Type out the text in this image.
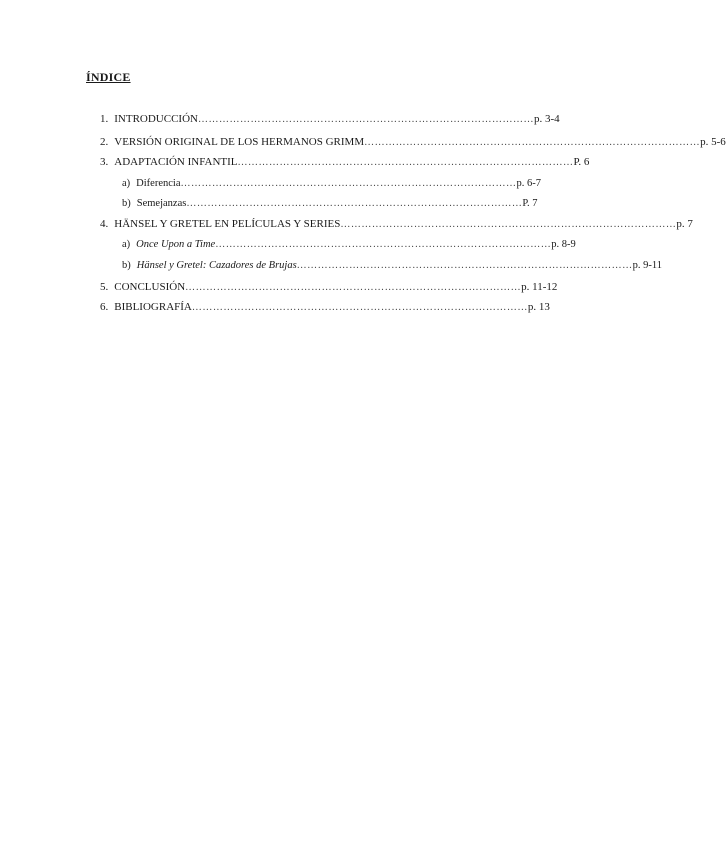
ÍNDICE
1. INTRODUCCIÓN …………………………………………………………………………………… p. 3-4
2. VERSIÓN ORIGINAL DE LOS HERMANOS GRIMM …………………………………………………………………………………… p. 5-6
3. ADAPTACIÓN INFANTIL …………………………………………………………………………………… P. 6
a) Diferencia …………………………………………………………………………………… p. 6-7
b) Semejanzas …………………………………………………………………………………… P. 7
4. HÄNSEL Y GRETEL EN PELÍCULAS Y SERIES …………………………………………………………………………………… p. 7
a) Once Upon a Time …………………………………………………………………………………… p. 8-9
b) Hänsel y Gretel: Cazadores de Brujas …………………………………………………………………………………… p. 9-11
5. CONCLUSIÓN …………………………………………………………………………………… p. 11-12
6. BIBLIOGRAFÍA …………………………………………………………………………………… p. 13
